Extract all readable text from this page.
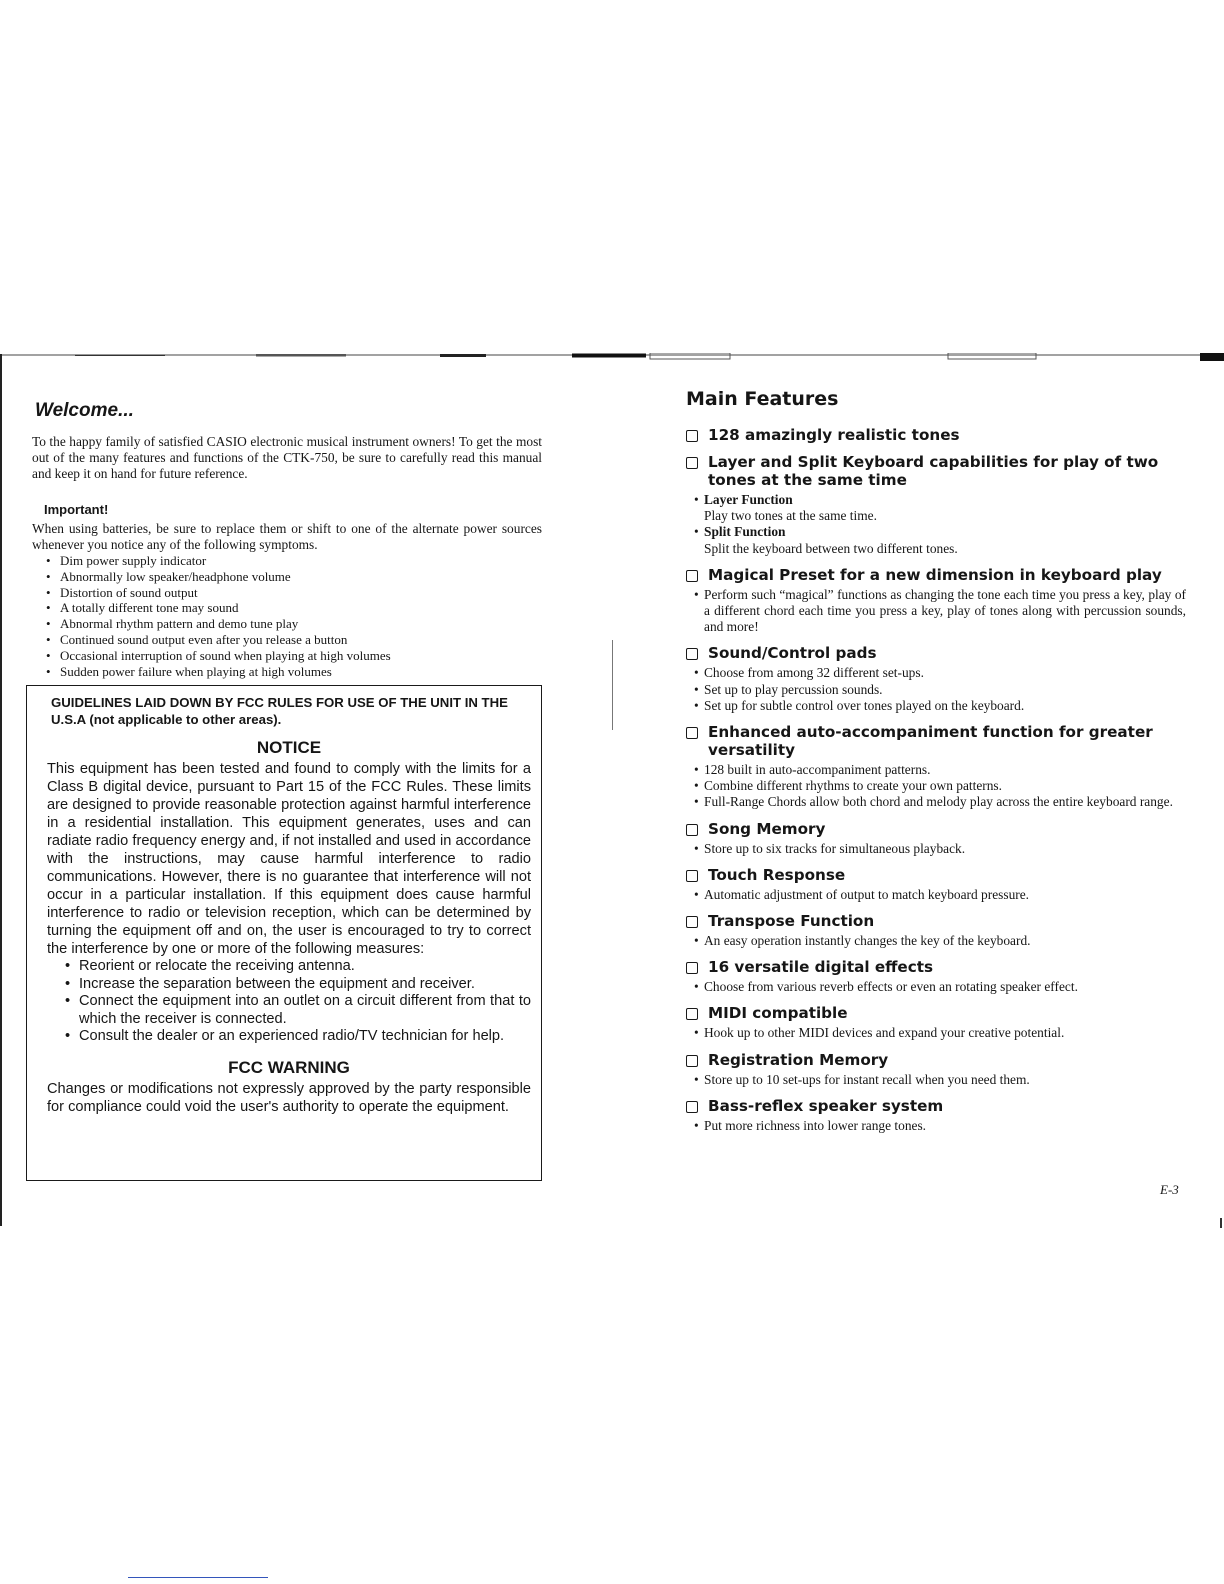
Welcome...

To the happy family of satisfied CASIO electronic musical instrument owners! To get the most out of the many features and functions of the CTK-750, be sure to carefully read this manual and keep it on hand for future reference.

Important!

When using batteries, be sure to replace them or shift to one of the alternate power sources whenever you notice any of the following symptoms.

• Dim power supply indicator
• Abnormally low speaker/headphone volume
• Distortion of sound output
• A totally different tone may sound
• Abnormal rhythm pattern and demo tune play
• Continued sound output even after you release a button
• Occasional interruption of sound when playing at high volumes
• Sudden power failure when playing at high volumes
GUIDELINES LAID DOWN BY FCC RULES FOR USE OF THE UNIT IN THE U.S.A (not applicable to other areas).
NOTICE

This equipment has been tested and found to comply with the limits for a Class B digital device, pursuant to Part 15 of the FCC Rules. These limits are designed to provide reasonable protection against harmful interference in a residential installation. This equipment generates, uses and can radiate radio frequency energy and, if not installed and used in accordance with the instructions, may cause harmful interference to radio communications. However, there is no guarantee that interference will not occur in a particular installation. If this equipment does cause harmful interference to radio or television reception, which can be determined by turning the equipment off and on, the user is encouraged to try to correct the interference by one or more of the following measures:

• Reorient or relocate the receiving antenna.
• Increase the separation between the equipment and receiver.
• Connect the equipment into an outlet on a circuit different from that to which the receiver is connected.
• Consult the dealer or an experienced radio/TV technician for help.
FCC WARNING

Changes or modifications not expressly approved by the party responsible for compliance could void the user's authority to operate the equipment.

Main Features
128 amazingly realistic tones
Layer and Split Keyboard capabilities for play of two tones at the same time
• Layer Function
Play two tones at the same time.
• Split Function
Split the keyboard between two different tones.
Magical Preset for a new dimension in keyboard play
• Perform such “magical” functions as changing the tone each time you press a key, play of a different chord each time you press a key, play of tones along with percussion sounds, and more!
Sound/Control pads
• Choose from among 32 different set-ups.
• Set up to play percussion sounds.
• Set up for subtle control over tones played on the keyboard.
Enhanced auto-accompaniment function for greater versatility
• 128 built in auto-accompaniment patterns.
• Combine different rhythms to create your own patterns.
• Full-Range Chords allow both chord and melody play across the entire keyboard range.
Song Memory
• Store up to six tracks for simultaneous playback.
Touch Response
• Automatic adjustment of output to match keyboard pressure.
Transpose Function
• An easy operation instantly changes the key of the keyboard.
16 versatile digital effects
• Choose from various reverb effects or even an rotating speaker effect.
MIDI compatible
• Hook up to other MIDI devices and expand your creative potential.
Registration Memory
• Store up to 10 set-ups for instant recall when you need them.
Bass-reflex speaker system
• Put more richness into lower range tones.
E-3
